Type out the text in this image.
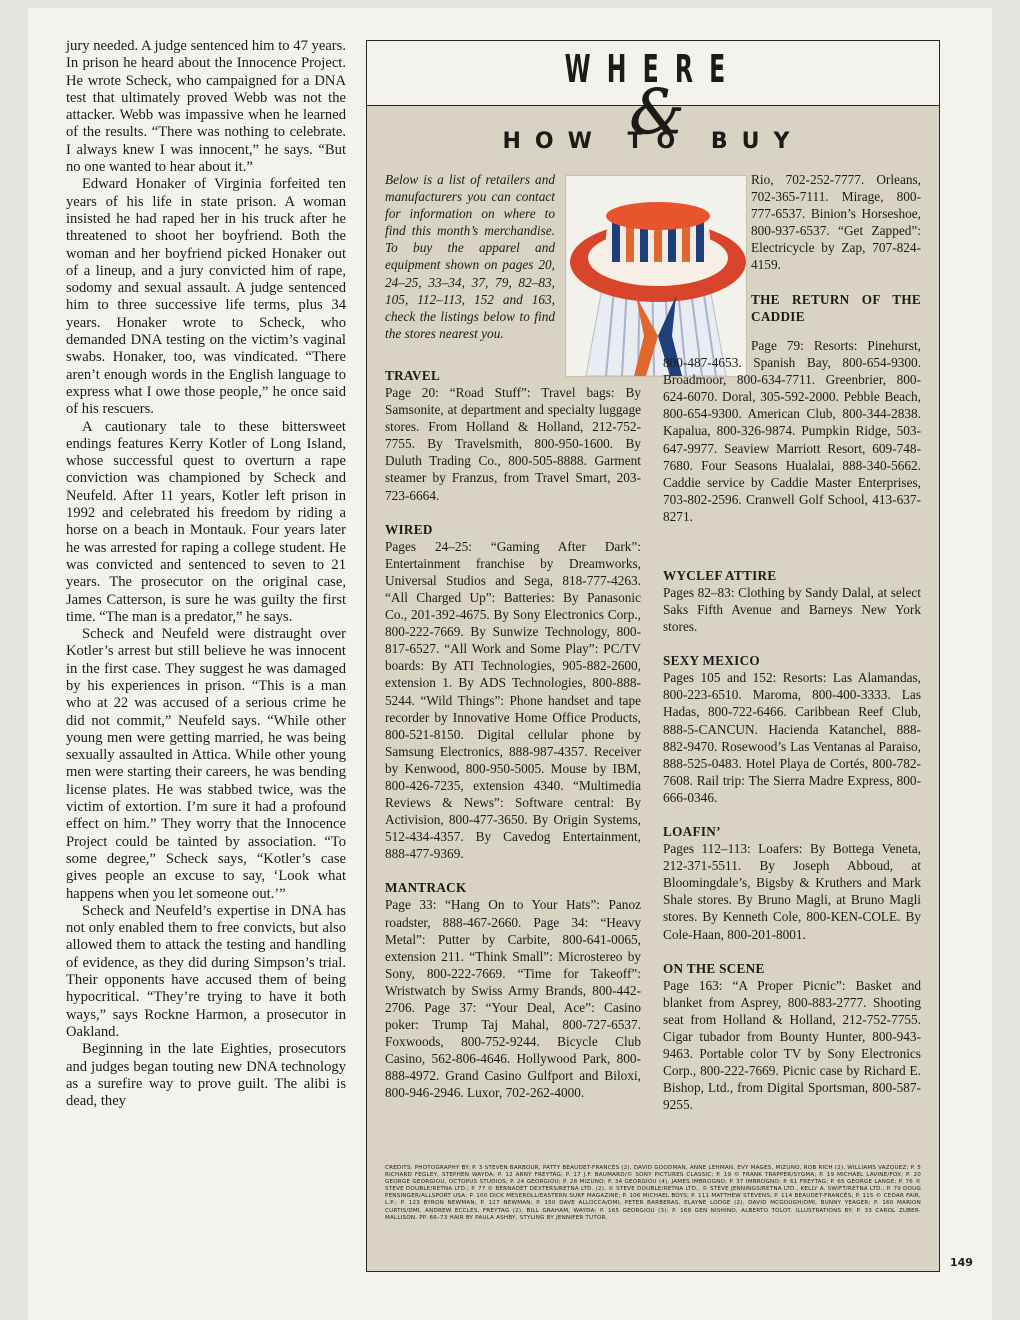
jury needed. A judge sentenced him to 47 years. In prison he heard about the Innocence Project. He wrote Scheck, who campaigned for a DNA test that ultimately proved Webb was not the attacker. Webb was impassive when he learned of the results. “There was nothing to celebrate. I always knew I was innocent,” he says. “But no one wanted to hear about it.”

Edward Honaker of Virginia forfeited ten years of his life in state prison. A woman insisted he had raped her in his truck after he threatened to shoot her boyfriend. Both the woman and her boyfriend picked Honaker out of a lineup, and a jury convicted him of rape, sodomy and sexual assault. A judge sentenced him to three successive life terms, plus 34 years. Honaker wrote to Scheck, who demanded DNA testing on the victim’s vaginal swabs. Honaker, too, was vindicated. “There aren’t enough words in the English language to express what I owe those people,” he once said of his rescuers.

A cautionary tale to these bittersweet endings features Kerry Kotler of Long Island, whose successful quest to overturn a rape conviction was championed by Scheck and Neufeld. After 11 years, Kotler left prison in 1992 and celebrated his freedom by riding a horse on a beach in Montauk. Four years later he was arrested for raping a college student. He was convicted and sentenced to seven to 21 years. The prosecutor on the original case, James Catterson, is sure he was guilty the first time. “The man is a predator,” he says.

Scheck and Neufeld were distraught over Kotler’s arrest but still believe he was innocent in the first case. They suggest he was damaged by his experiences in prison. “This is a man who at 22 was accused of a serious crime he did not commit,” Neufeld says. “While other young men were getting married, he was being sexually assaulted in Attica. While other young men were starting their careers, he was bending license plates. He was stabbed twice, was the victim of extortion. I’m sure it had a profound effect on him.” They worry that the Innocence Project could be tainted by association. “To some degree,” Scheck says, “Kotler’s case gives people an excuse to say, ‘Look what happens when you let someone out.’”

Scheck and Neufeld’s expertise in DNA has not only enabled them to free convicts, but also allowed them to attack the testing and handling of evidence, as they did during Simpson’s trial. Their opponents have accused them of being hypocritical. “They’re trying to have it both ways,” says Rockne Harmon, a prosecutor in Oakland.

Beginning in the late Eighties, prosecutors and judges began touting new DNA technology as a surefire way to prove guilt. The alibi is dead, they

WHERE
&
HOW TO BUY

Below is a list of retailers and manufacturers you can contact for information on where to find this month’s merchandise. To buy the apparel and equipment shown on pages 20, 24–25, 33–34, 37, 79, 82–83, 105, 112–113, 152 and 163, check the listings below to find the stores nearest you.

TRAVEL

Page 20: “Road Stuff”: Travel bags: By Samsonite, at department and specialty luggage stores. From Holland & Holland, 212-752-7755. By Travelsmith, 800-950-1600. By Duluth Trading Co., 800-505-8888. Garment steamer by Franzus, from Travel Smart, 203-723-6664.

WIRED

Pages 24–25: “Gaming After Dark”: Entertainment franchise by Dreamworks, Universal Studios and Sega, 818-777-4263. “All Charged Up”: Batteries: By Panasonic Co., 201-392-4675. By Sony Electronics Corp., 800-222-7669. By Sunwize Technology, 800-817-6527. “All Work and Some Play”: PC/TV boards: By ATI Technologies, 905-882-2600, extension 1. By ADS Technologies, 800-888-5244. “Wild Things”: Phone handset and tape recorder by Innovative Home Office Products, 800-521-8150. Digital cellular phone by Samsung Electronics, 888-987-4357. Receiver by Kenwood, 800-950-5005. Mouse by IBM, 800-426-7235, extension 4340. “Multimedia Reviews & News”: Software central: By Activision, 800-477-3650. By Origin Systems, 512-434-4357. By Cavedog Entertainment, 888-477-9369.

MANTRACK

Page 33: “Hang On to Your Hats”: Panoz roadster, 888-467-2660. Page 34: “Heavy Metal”: Putter by Carbite, 800-641-0065, extension 211. “Think Small”: Microstereo by Sony, 800-222-7669. “Time for Takeoff”: Wristwatch by Swiss Army Brands, 800-442-2706. Page 37: “Your Deal, Ace”: Casino poker: Trump Taj Mahal, 800-727-6537. Foxwoods, 800-752-9244. Bicycle Club Casino, 562-806-4646. Hollywood Park, 800-888-4972. Grand Casino Gulfport and Biloxi, 800-946-2946. Luxor, 702-262-4000.

Rio, 702-252-7777. Orleans, 702-365-7111. Mirage, 800-777-6537. Binion’s Horseshoe, 800-937-6537. “Get Zapped”: Electricycle by Zap, 707-824-4159.

THE RETURN OF THE CADDIE

Page 79: Resorts: Pinehurst, 800-487-4653. Spanish Bay, 800-654-9300. Broadmoor, 800-634-7711. Greenbrier, 800-624-6070. Doral, 305-592-2000. Pebble Beach, 800-654-9300. American Club, 800-344-2838. Kapalua, 800-326-9874. Pumpkin Ridge, 503-647-9977. Seaview Marriott Resort, 609-748-7680. Four Seasons Hualalai, 888-340-5662. Caddie service by Caddie Master Enterprises, 703-802-2596. Cranwell Golf School, 413-637-8271.

WYCLEF ATTIRE

Pages 82–83: Clothing by Sandy Dalal, at select Saks Fifth Avenue and Barneys New York stores.

SEXY MEXICO

Pages 105 and 152: Resorts: Las Alamandas, 800-223-6510. Maroma, 800-400-3333. Las Hadas, 800-722-6466. Caribbean Reef Club, 888-5-CANCUN. Hacienda Katanchel, 888-882-9470. Rosewood’s Las Ventanas al Paraiso, 888-525-0483. Hotel Playa de Cortés, 800-782-7608. Rail trip: The Sierra Madre Express, 800-666-0346.

LOAFIN’

Pages 112–113: Loafers: By Bottega Veneta, 212-371-5511. By Joseph Abboud, at Bloomingdale’s, Bigsby & Kruthers and Mark Shale stores. By Bruno Magli, at Bruno Magli stores. By Kenneth Cole, 800-KEN-COLE. By Cole-Haan, 800-201-8001.

ON THE SCENE

Page 163: “A Proper Picnic”: Basket and blanket from Asprey, 800-883-2777. Shooting seat from Holland & Holland, 212-752-7755. Cigar tubador from Bounty Hunter, 800-943-9463. Portable color TV by Sony Electronics Corp., 800-222-7669. Picnic case by Richard E. Bishop, Ltd., from Digital Sportsman, 800-587-9255.

CREDITS: PHOTOGRAPHY BY: P. 3 STEVEN BARBOUR, PATTY BEAUDET-FRANCÈS (2), DAVID GOODMAN, ANNE LEHMAN, EVY MAGES, MIZUNO, ROB RICH (2), WILLIAMS VAZQUEZ; P. 5 RICHARD FEGLEY, STEPHEN WAYDA; P. 12 ARNY FREYTAG; P. 17 J.F. BAUMARD/© SONY PICTURES CLASSIC; P. 19 © FRANK TRAPPER/SYGMA; P. 19 MICHAEL LAVINE/FOX; P. 20 GEORGE GEORGIOU, OCTOPUS STUDIOS; P. 24 GEORGIOU; P. 28 MIZUNO; P. 34 GEORGIOU (4), JAMES IMBROGNO; P. 37 IMBROGNO; P. 61 FREYTAG; P. 65 GEORGE LANGE; P. 76 © STEVE DOUBLE/RETNA LTD.; P. 77 © BERNADET DEXTERS/RETNA LTD. (2), © STEVE DOUBLE/RETNA LTD., © STEVE JENNINGS/RETNA LTD., KELLY A. SWIFT/RETNA LTD.; P. 79 DOUG PENSINGER/ALLSPORT USA; P. 100 DICK MESEROLL/EASTERN SURF MAGAZINE; P. 106 MICHAEL BOYS; P. 111 MATTHEW STEVENS; P. 114 BEAUDET-FRANCÈS; P. 115 © CEDAR FAIR, L.P.; P. 123 BYRON NEWMAN; P. 127 NEWMAN; P. 150 DAVE ALLOCCA/DMI, PETER BARBERAS, ELAYNE LODGE (2), DAVID MCGOUGH/DMI, BUNNY YEAGER; P. 160 MARION CURTIS/DMI, ANDREW ECCLES, FREYTAG (2), BILL GRAHAM, WAYDA; P. 165 GEORGIOU (3); P. 168 GEN NISHINO, ALBERTO TOLOT. ILLUSTRATIONS BY: P. 33 CAROL ZUBER-MALLISON. PP. 66–73 HAIR BY PAULA ASHBY, STYLING BY JENNIFER TUTOR.
149
